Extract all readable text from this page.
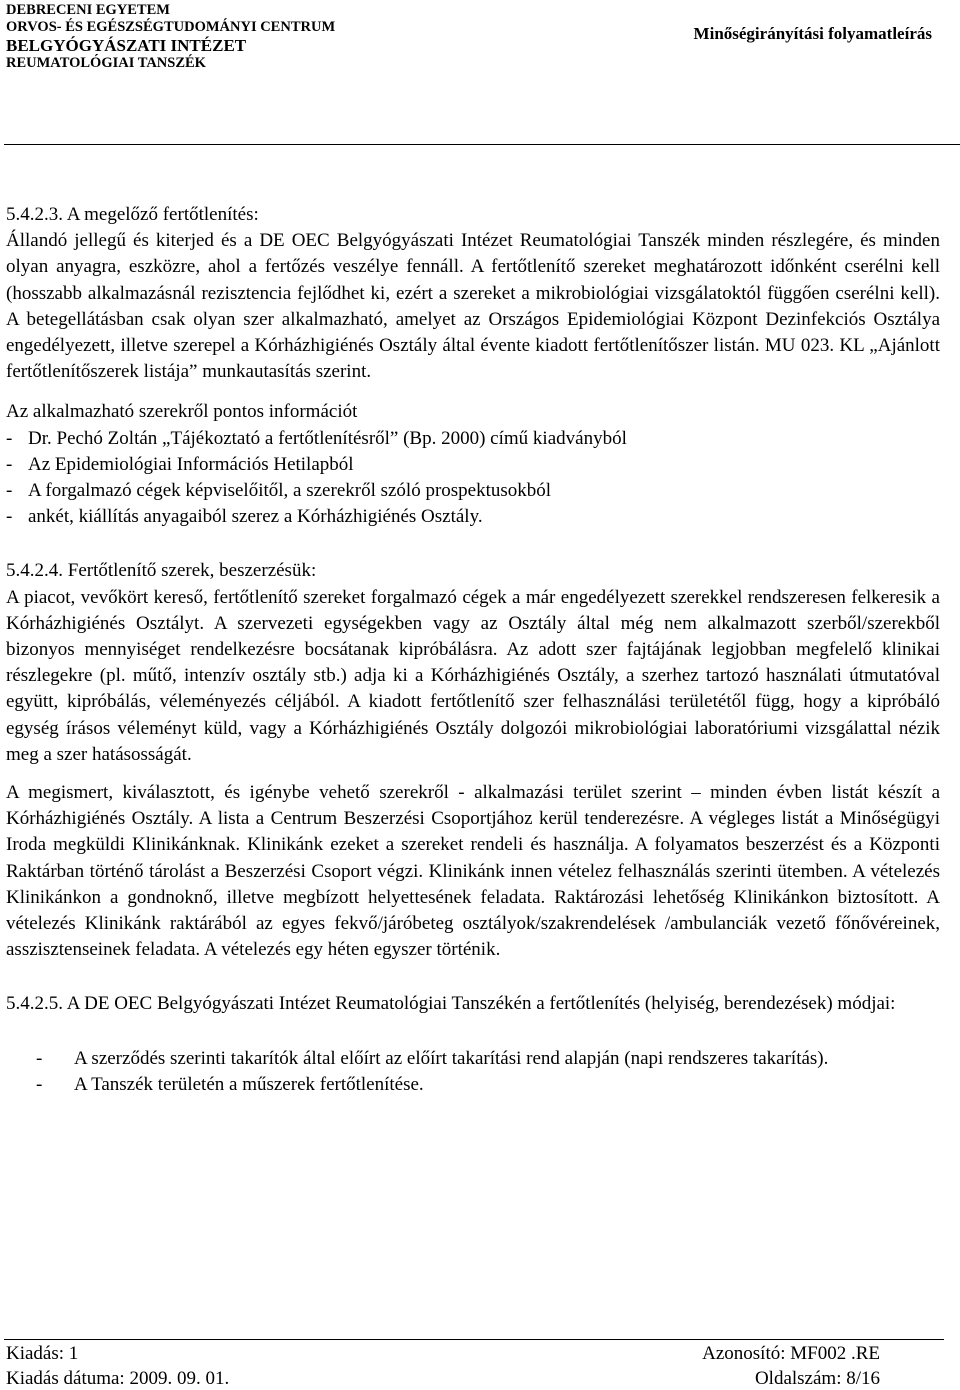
DEBRECENI EGYETEM
ORVOS- ÉS EGÉSZSÉGTUDOMÁNYI CENTRUM
BELGYÓGYÁSZATI INTÉZET
REUMATOLÓGIAI TANSZÉK
Minőségirányítási folyamatleírás

5.4.2.3. A megelőző fertőtlenítés:

Állandó jellegű és kiterjed és a DE OEC Belgyógyászati Intézet Reumatológiai Tanszék minden részlegére, és minden olyan anyagra, eszközre, ahol a fertőzés veszélye fennáll. A fertőtlenítő szereket meghatározott időnként cserélni kell (hosszabb alkalmazásnál rezisztencia fejlődhet ki, ezért a szereket a mikrobiológiai vizsgálatoktól függően cserélni kell). A betegellátásban csak olyan szer alkalmazható, amelyet az Országos Epidemiológiai Központ Dezinfekciós Osztálya engedélyezett, illetve szerepel a Kórházhigiénés Osztály által évente kiadott fertőtlenítőszer listán. MU 023. KL „Ajánlott fertőtlenítőszerek listája” munkautasítás szerint.

Az alkalmazható szerekről pontos információt

- Dr. Pechó Zoltán „Tájékoztató a fertőtlenítésről” (Bp. 2000) című kiadványból
- Az Epidemiológiai Információs Hetilapból
- A forgalmazó cégek képviselőitől, a szerekről szóló prospektusokból
- ankét, kiállítás anyagaiból szerez a Kórházhigiénés Osztály.

5.4.2.4. Fertőtlenítő szerek, beszerzésük:

A piacot, vevőkört kereső, fertőtlenítő szereket forgalmazó cégek a már engedélyezett szerekkel rendszeresen felkeresik a Kórházhigiénés Osztályt. A szervezeti egységekben vagy az Osztály által még nem alkalmazott szerből/szerekből bizonyos mennyiséget rendelkezésre bocsátanak kipróbálásra. Az adott szer fajtájának legjobban megfelelő klinikai részlegekre (pl. műtő, intenzív osztály stb.) adja ki a Kórházhigiénés Osztály, a szerhez tartozó használati útmutatóval együtt, kipróbálás, véleményezés céljából. A kiadott fertőtlenítő szer felhasználási területétől függ, hogy a kipróbáló egység írásos véleményt küld, vagy a Kórházhigiénés Osztály dolgozói mikrobiológiai laboratóriumi vizsgálattal nézik meg a szer hatásosságát.

A megismert, kiválasztott, és igénybe vehető szerekről - alkalmazási terület szerint – minden évben listát készít a Kórházhigiénés Osztály. A lista a Centrum Beszerzési Csoportjához kerül tenderezésre. A végleges listát a Minőségügyi Iroda megküldi Klinikánknak. Klinikánk ezeket a szereket rendeli és használja. A folyamatos beszerzést és a Központi Raktárban történő tárolást a Beszerzési Csoport végzi. Klinikánk innen vételez felhasználás szerinti ütemben. A vételezés Klinikánkon a gondnoknő, illetve megbízott helyettesének feladata. Raktározási lehetőség Klinikánkon biztosított. A vételezés Klinikánk raktárából az egyes fekvő/járóbeteg osztályok/szakrendelések /ambulanciák vezető főnővéreinek, asszisztenseinek feladata. A vételezés egy héten egyszer történik.

5.4.2.5. A DE OEC Belgyógyászati Intézet Reumatológiai Tanszékén a fertőtlenítés (helyiség, berendezések) módjai:

-	A szerződés szerinti takarítók által előírt az előírt takarítási rend alapján (napi rendszeres takarítás).
-	A Tanszék területén a műszerek fertőtlenítése.
Kiadás: 1	Azonosító: MF002 .RE
Kiadás dátuma: 2009. 09. 01.	Oldalszám: 8/16
